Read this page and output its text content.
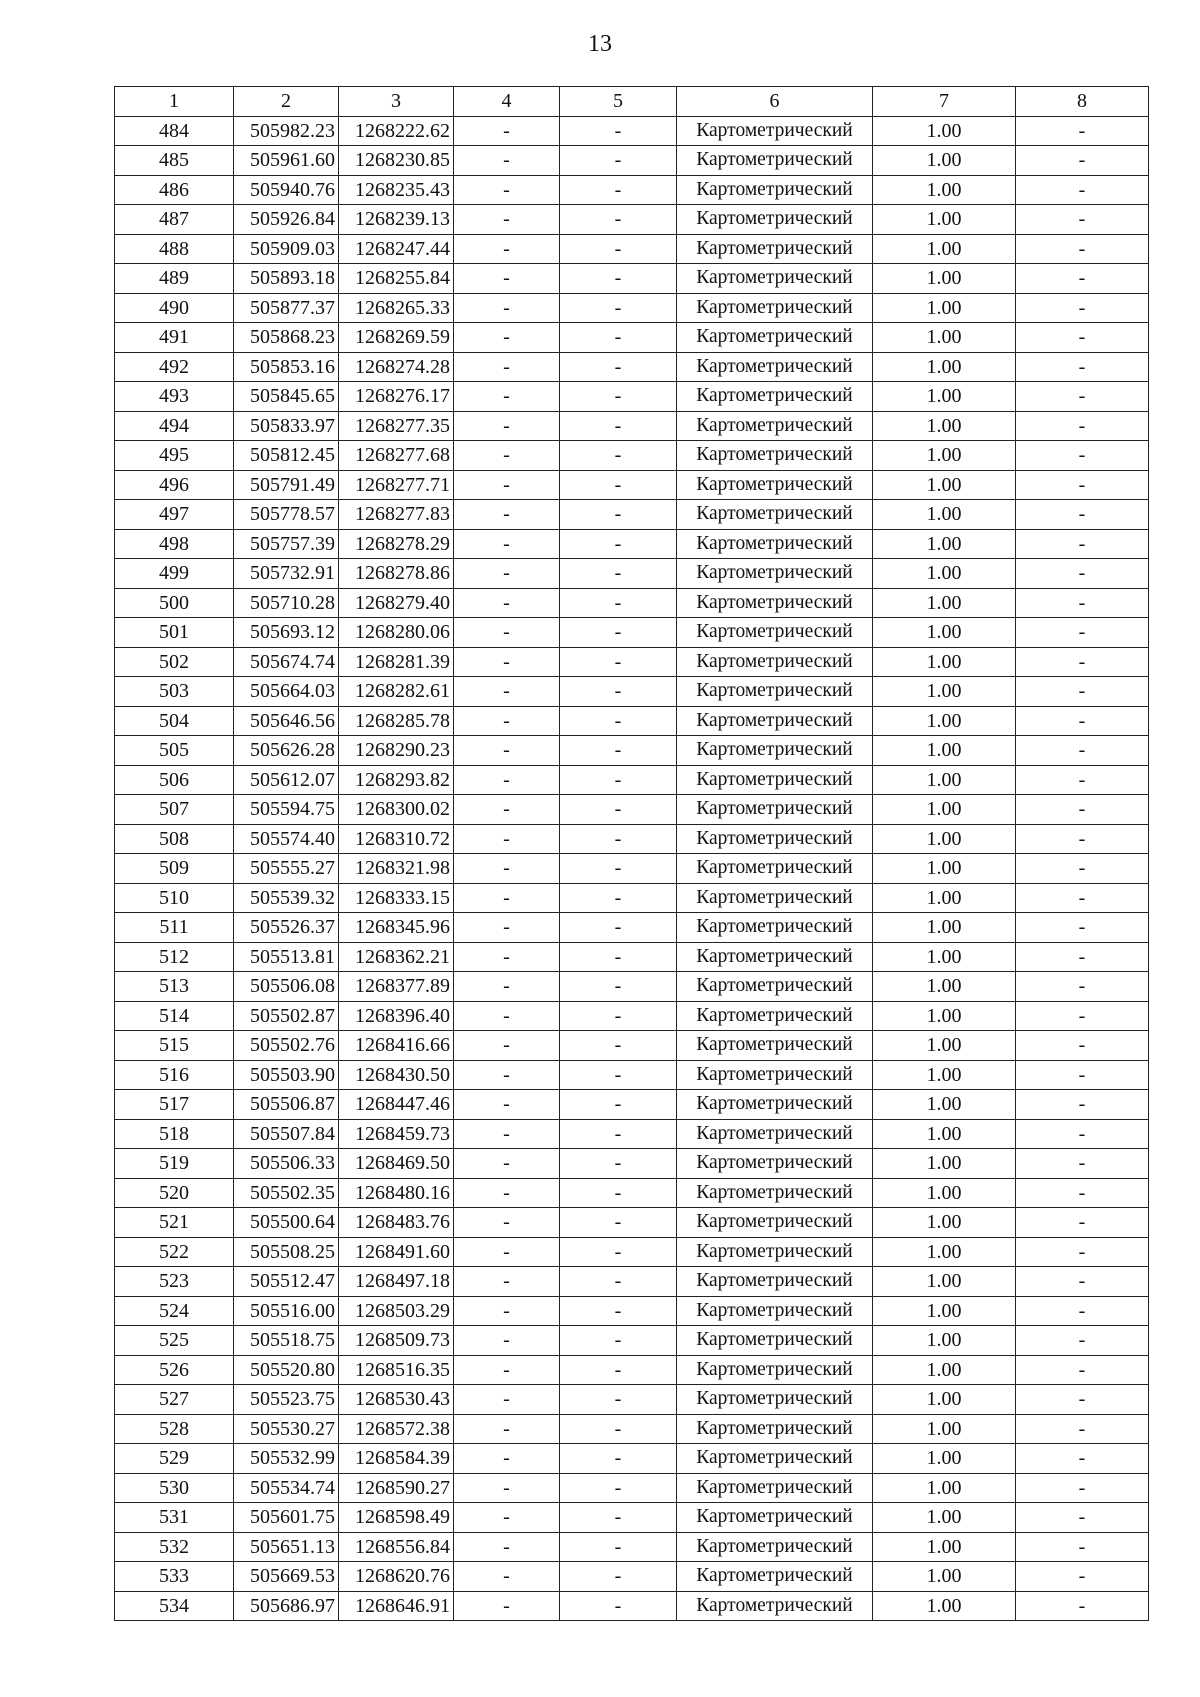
13
1	2	3	4	5	6	7	8
484	505982.23	1268222.62	-	-	Картометрический	1.00	-
485	505961.60	1268230.85	-	-	Картометрический	1.00	-
486	505940.76	1268235.43	-	-	Картометрический	1.00	-
487	505926.84	1268239.13	-	-	Картометрический	1.00	-
488	505909.03	1268247.44	-	-	Картометрический	1.00	-
489	505893.18	1268255.84	-	-	Картометрический	1.00	-
490	505877.37	1268265.33	-	-	Картометрический	1.00	-
491	505868.23	1268269.59	-	-	Картометрический	1.00	-
492	505853.16	1268274.28	-	-	Картометрический	1.00	-
493	505845.65	1268276.17	-	-	Картометрический	1.00	-
494	505833.97	1268277.35	-	-	Картометрический	1.00	-
495	505812.45	1268277.68	-	-	Картометрический	1.00	-
496	505791.49	1268277.71	-	-	Картометрический	1.00	-
497	505778.57	1268277.83	-	-	Картометрический	1.00	-
498	505757.39	1268278.29	-	-	Картометрический	1.00	-
499	505732.91	1268278.86	-	-	Картометрический	1.00	-
500	505710.28	1268279.40	-	-	Картометрический	1.00	-
501	505693.12	1268280.06	-	-	Картометрический	1.00	-
502	505674.74	1268281.39	-	-	Картометрический	1.00	-
503	505664.03	1268282.61	-	-	Картометрический	1.00	-
504	505646.56	1268285.78	-	-	Картометрический	1.00	-
505	505626.28	1268290.23	-	-	Картометрический	1.00	-
506	505612.07	1268293.82	-	-	Картометрический	1.00	-
507	505594.75	1268300.02	-	-	Картометрический	1.00	-
508	505574.40	1268310.72	-	-	Картометрический	1.00	-
509	505555.27	1268321.98	-	-	Картометрический	1.00	-
510	505539.32	1268333.15	-	-	Картометрический	1.00	-
511	505526.37	1268345.96	-	-	Картометрический	1.00	-
512	505513.81	1268362.21	-	-	Картометрический	1.00	-
513	505506.08	1268377.89	-	-	Картометрический	1.00	-
514	505502.87	1268396.40	-	-	Картометрический	1.00	-
515	505502.76	1268416.66	-	-	Картометрический	1.00	-
516	505503.90	1268430.50	-	-	Картометрический	1.00	-
517	505506.87	1268447.46	-	-	Картометрический	1.00	-
518	505507.84	1268459.73	-	-	Картометрический	1.00	-
519	505506.33	1268469.50	-	-	Картометрический	1.00	-
520	505502.35	1268480.16	-	-	Картометрический	1.00	-
521	505500.64	1268483.76	-	-	Картометрический	1.00	-
522	505508.25	1268491.60	-	-	Картометрический	1.00	-
523	505512.47	1268497.18	-	-	Картометрический	1.00	-
524	505516.00	1268503.29	-	-	Картометрический	1.00	-
525	505518.75	1268509.73	-	-	Картометрический	1.00	-
526	505520.80	1268516.35	-	-	Картометрический	1.00	-
527	505523.75	1268530.43	-	-	Картометрический	1.00	-
528	505530.27	1268572.38	-	-	Картометрический	1.00	-
529	505532.99	1268584.39	-	-	Картометрический	1.00	-
530	505534.74	1268590.27	-	-	Картометрический	1.00	-
531	505601.75	1268598.49	-	-	Картометрический	1.00	-
532	505651.13	1268556.84	-	-	Картометрический	1.00	-
533	505669.53	1268620.76	-	-	Картометрический	1.00	-
534	505686.97	1268646.91	-	-	Картометрический	1.00	-
